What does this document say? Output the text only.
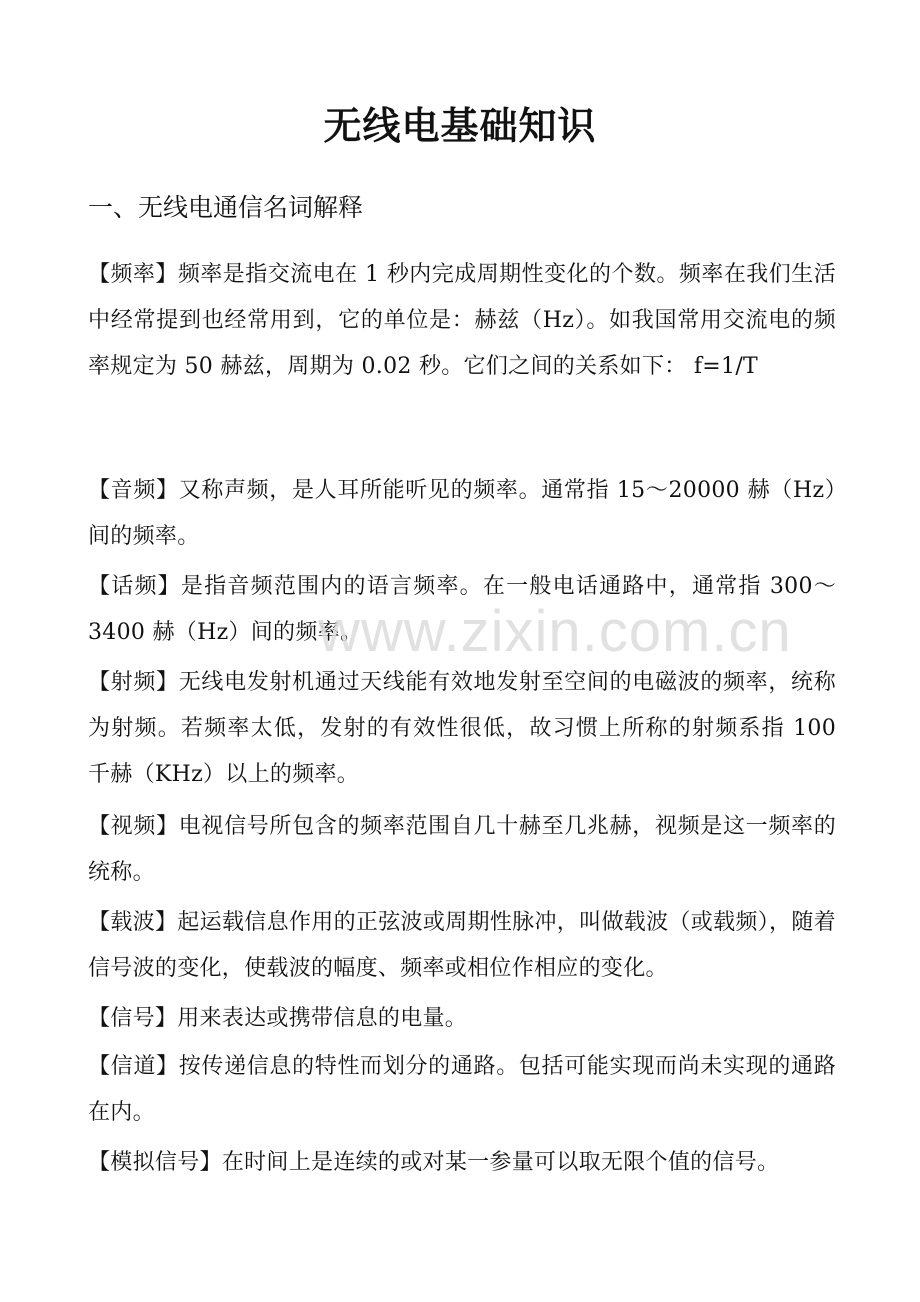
无线电基础知识
一、无线电通信名词解释

【频率】频率是指交流电在 1 秒内完成周期性变化的个数。频率在我们生活中经常提到也经常用到，它的单位是：赫兹（Hz）。如我国常用交流电的频率规定为 50 赫兹，周期为 0.02 秒。它们之间的关系如下： f=1/T

【音频】又称声频，是人耳所能听见的频率。通常指 15～20000 赫（Hz）间的频率。

【话频】是指音频范围内的语言频率。在一般电话通路中，通常指 300～3400 赫（Hz）间的频率。

【射频】无线电发射机通过天线能有效地发射至空间的电磁波的频率，统称为射频。若频率太低，发射的有效性很低，故习惯上所称的射频系指 100 千赫（KHz）以上的频率。

【视频】电视信号所包含的频率范围自几十赫至几兆赫，视频是这一频率的统称。

【载波】起运载信息作用的正弦波或周期性脉冲，叫做载波（或载频），随着信号波的变化，使载波的幅度、频率或相位作相应的变化。

【信号】用来表达或携带信息的电量。

【信道】按传递信息的特性而划分的通路。包括可能实现而尚未实现的通路在内。

【模拟信号】在时间上是连续的或对某一参量可以取无限个值的信号。

www.zixin.com.cn
